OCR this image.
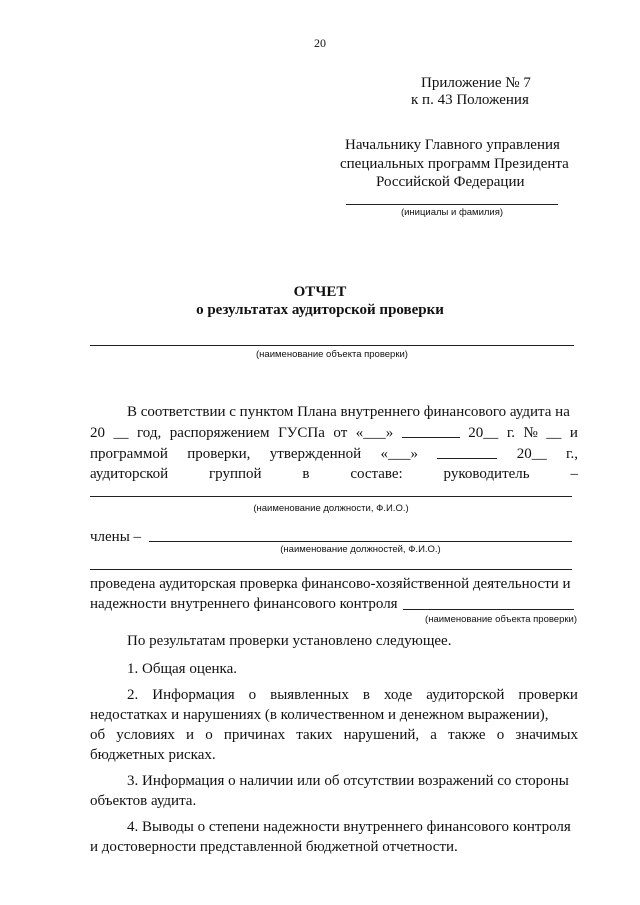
20
Приложение № 7
к п. 43 Положения
Начальнику Главного управления
специальных программ Президента
Российской Федерации
(инициалы и фамилия)
ОТЧЕТ
о результатах аудиторской проверки
(наименование объекта проверки)
В соответствии с пунктом Плана внутреннего финансового аудита на
20 __ год, распоряжением ГУСПа от «___»	20__ г. № __ и
программой проверки, утвержденной «___»	20__ г.,
аудиторской	группой	в	составе:	руководитель	–
(наименование должности, Ф.И.О.)
члены –
(наименование должностей, Ф.И.О.)
проведена аудиторская проверка финансово-хозяйственной деятельности и
надежности внутреннего финансового контроля
(наименование объекта проверки)
По результатам проверки установлено следующее.
1. Общая оценка.
2. Информация о выявленных в ходе аудиторской проверки
недостатках и нарушениях (в количественном и денежном выражении),
об условиях и о причинах таких нарушений, а также о значимых
бюджетных рисках.
3. Информация о наличии или об отсутствии возражений со стороны
объектов аудита.
4. Выводы о степени надежности внутреннего финансового контроля
и достоверности представленной бюджетной отчетности.
